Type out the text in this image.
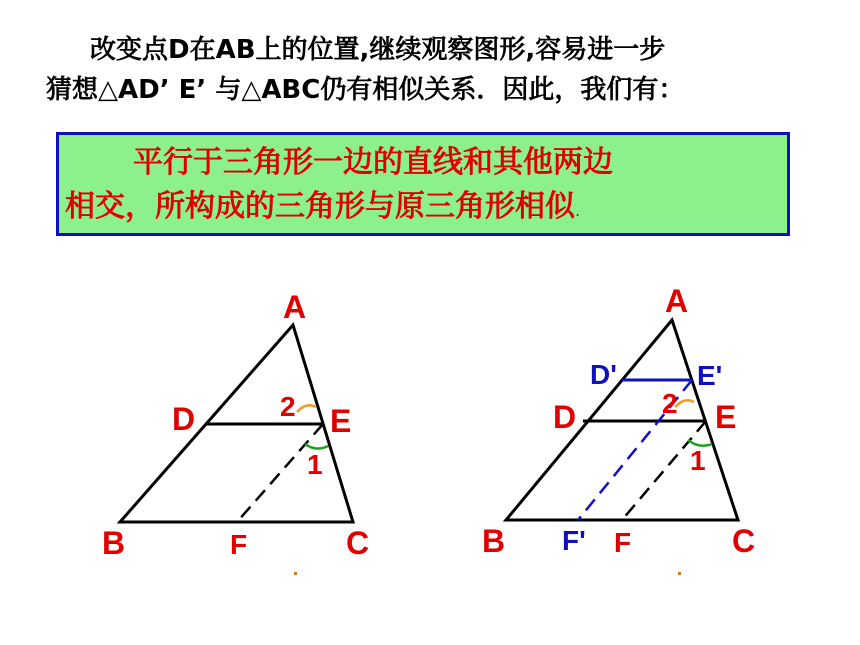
改变点D在AB上的位置,继续观察图形,容易进一步
猜想△AD’ E’ 与△ABC仍有相似关系．因此，我们有：
平行于三角形一边的直线和其他两边
相交，所构成的三角形与原三角形相似.
A
D	E
B	C
F
2
1
A
D	E
B	C
F
D'	E'
F'
2
1
